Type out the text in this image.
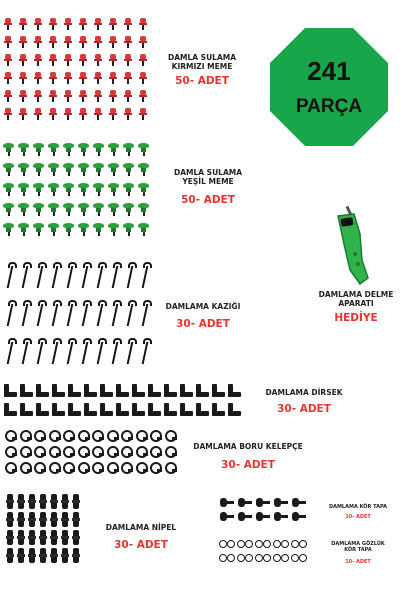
DAMLA SULAMA KIRMIZI MEME
50- ADET
DAMLA SULAMA YEŞİL MEME
50- ADET
DAMLAMA KAZIĞI
30- ADET
DAMLAMA DELME APARATI
HEDİYE
DAMLAMA DİRSEK
30- ADET
DAMLAMA BORU KELEPÇE
30- ADET
DAMLAMA NİPEL
30- ADET
DAMLAMA KÖR TAPA
10- ADET
DAMLAMA GÖZLÜK KÖR TAPA
10- ADET
241
PARÇA
